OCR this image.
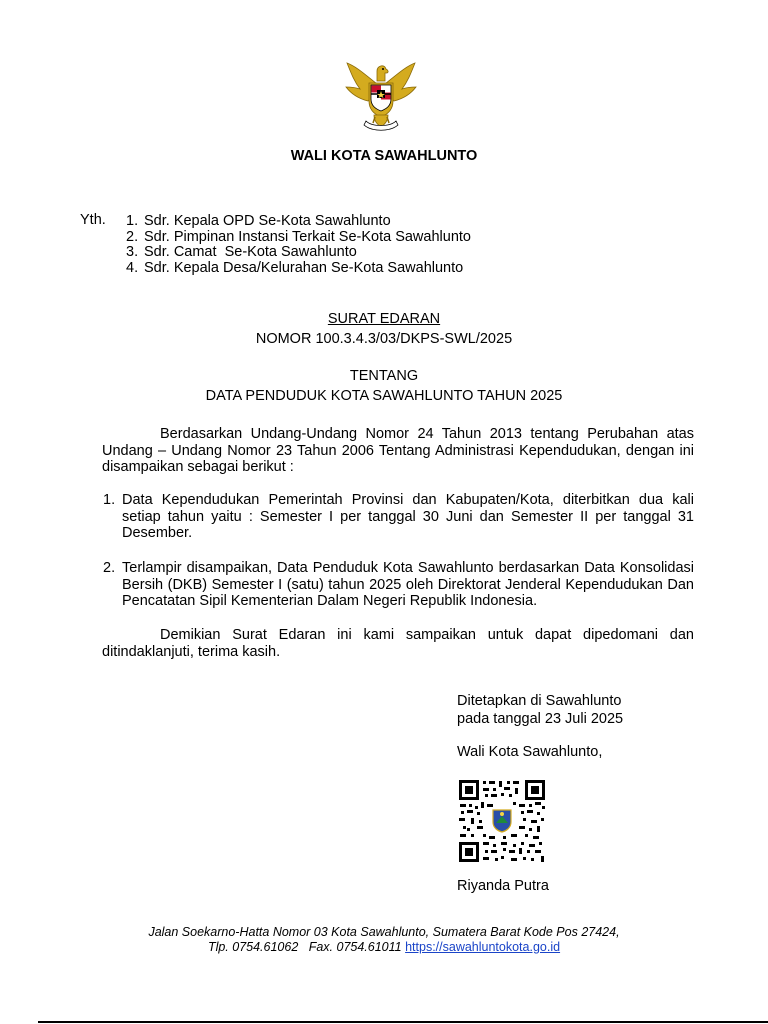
WALI KOTA SAWAHLUNTO
Yth. 1. Sdr. Kepala OPD Se-Kota Sawahlunto
2. Sdr. Pimpinan Instansi Terkait Se-Kota Sawahlunto
3. Sdr. Camat  Se-Kota Sawahlunto
4. Sdr. Kepala Desa/Kelurahan Se-Kota Sawahlunto
SURAT EDARAN
NOMOR 100.3.4.3/03/DKPS-SWL/2025
TENTANG
DATA PENDUDUK KOTA SAWAHLUNTO TAHUN 2025
Berdasarkan Undang-Undang Nomor 24 Tahun 2013 tentang Perubahan atas Undang – Undang Nomor 23 Tahun 2006 Tentang Administrasi Kependudukan, dengan ini disampaikan sebagai berikut :
1. Data Kependudukan Pemerintah Provinsi dan Kabupaten/Kota, diterbitkan dua kali setiap tahun yaitu : Semester I per tanggal 30 Juni dan Semester II per tanggal 31 Desember.
2. Terlampir disampaikan, Data Penduduk Kota Sawahlunto berdasarkan Data Konsolidasi Bersih (DKB) Semester I (satu) tahun 2025 oleh Direktorat Jenderal Kependudukan Dan Pencatatan Sipil Kementerian Dalam Negeri Republik Indonesia.
Demikian Surat Edaran ini kami sampaikan untuk dapat dipedomani dan ditindaklanjuti, terima kasih.
Ditetapkan di Sawahlunto
pada tanggal 23 Juli 2025
Wali Kota Sawahlunto,
Riyanda Putra
Jalan Soekarno-Hatta Nomor 03 Kota Sawahlunto, Sumatera Barat Kode Pos 27424,
Tlp. 0754.61062   Fax. 0754.61011 https://sawahluntokota.go.id
